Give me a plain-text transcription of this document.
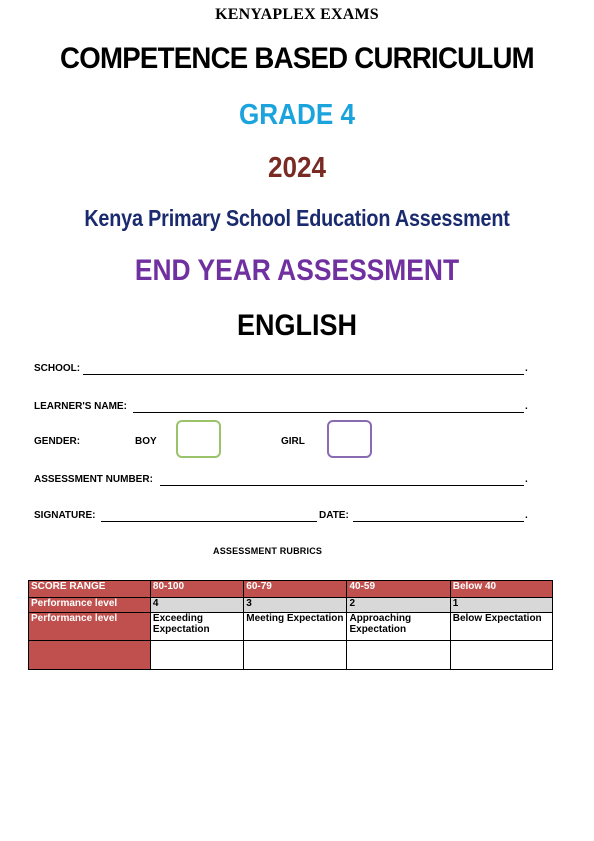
KENYAPLEX EXAMS
COMPETENCE BASED CURRICULUM
GRADE 4
2024
Kenya Primary School Education Assessment
END YEAR ASSESSMENT
ENGLISH
SCHOOL:	.
LEARNER'S NAME:	.
GENDER:	BOY	GIRL
ASSESSMENT NUMBER:	.
SIGNATURE:	DATE:	.
ASSESSMENT RUBRICS
SCORE RANGE	80-100	60-79	40-59	Below 40
Performance level	4	3	2	1
Performance level	Exceeding Expectation	Meeting Expectation	Approaching Expectation	Below Expectation
